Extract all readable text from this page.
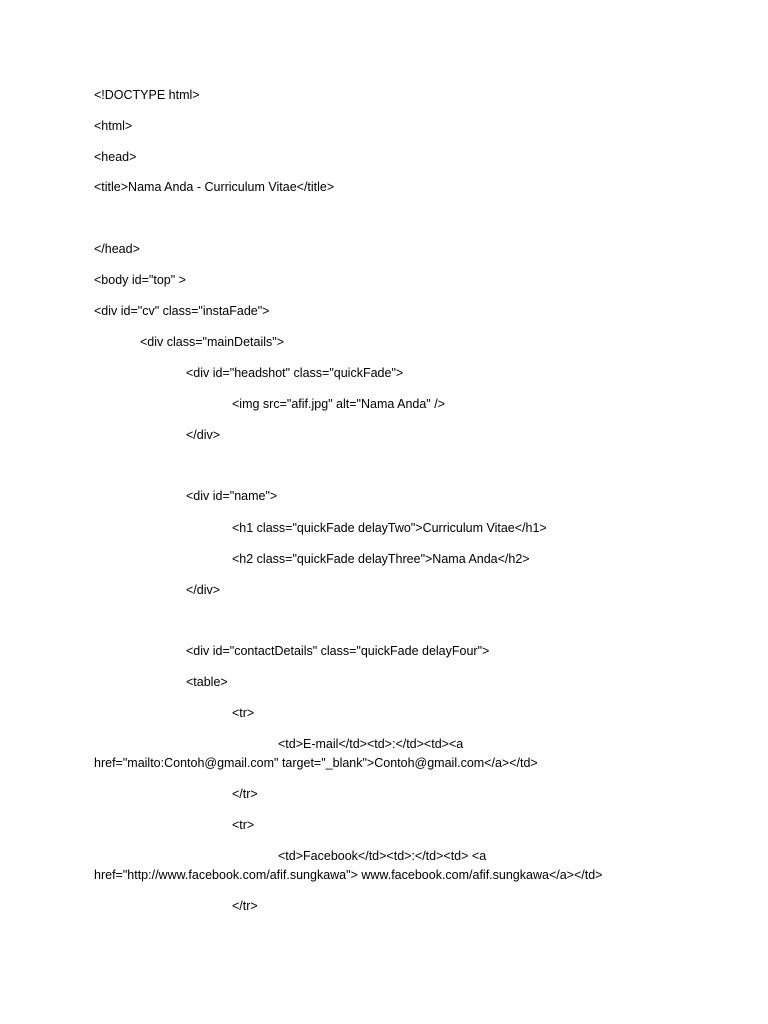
<!DOCTYPE html>
<html>
<head>
<title>Nama Anda - Curriculum Vitae</title>
</head>
<body id="top" >
<div id="cv" class="instaFade">
<div class="mainDetails">
<div id="headshot" class="quickFade">
<img src="afif.jpg" alt="Nama Anda" />
</div>
<div id="name">
<h1 class="quickFade delayTwo">Curriculum Vitae</h1>
<h2 class="quickFade delayThree">Nama Anda</h2>
</div>
<div id="contactDetails" class="quickFade delayFour">
<table>
<tr>
<td>E-mail</td><td>:</td><td><a
href="mailto:Contoh@gmail.com" target="_blank">Contoh@gmail.com</a></td>
</tr>
<tr>
<td>Facebook</td><td>:</td><td> <a
href="http://www.facebook.com/afif.sungkawa"> www.facebook.com/afif.sungkawa</a></td>
</tr>
